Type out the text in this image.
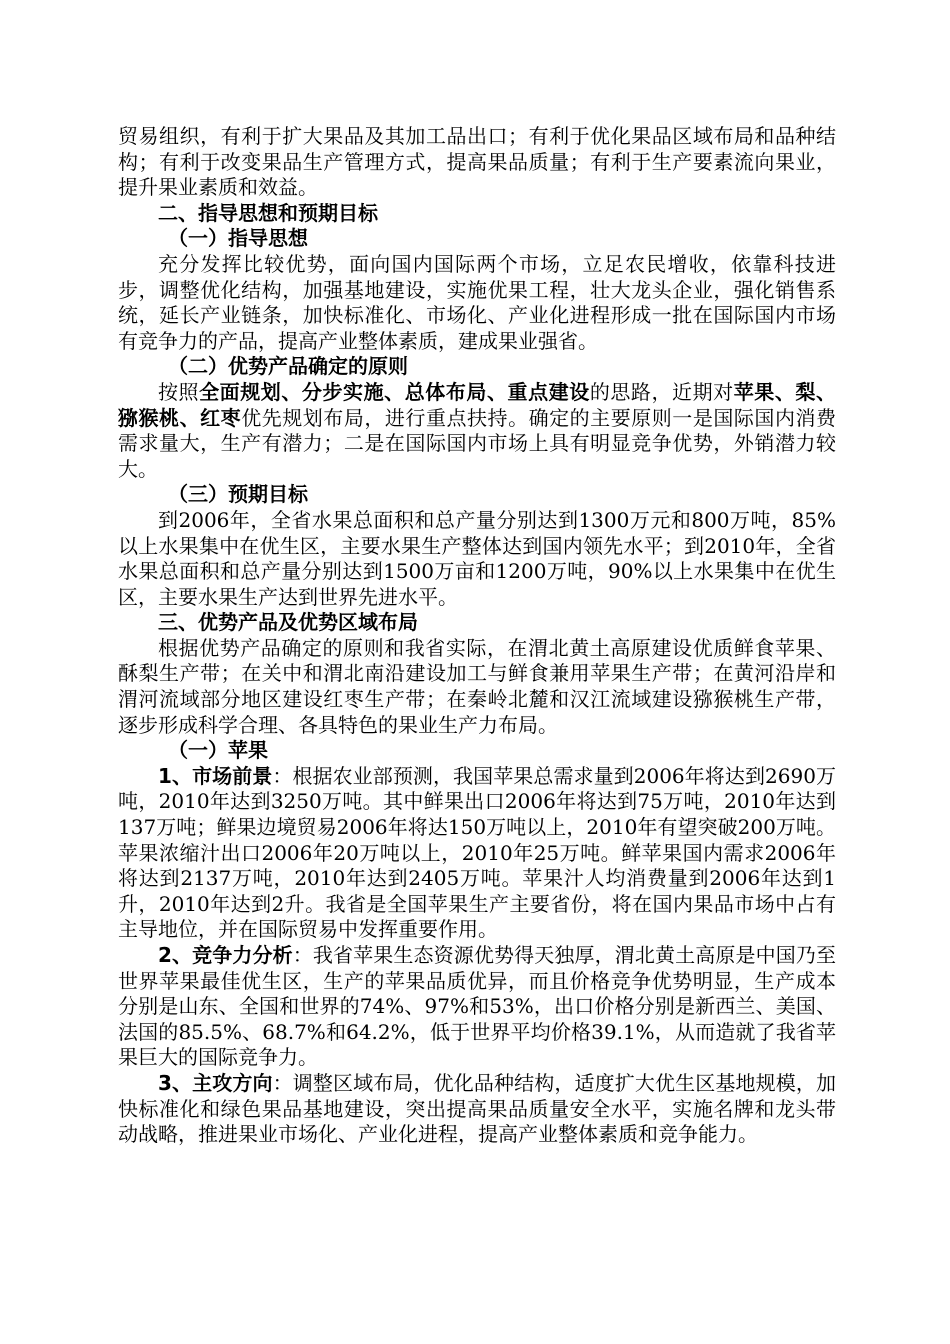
贸易组织，有利于扩大果品及其加工品出口；有利于优化果品区域布局和品种结构；有利于改变果品生产管理方式，提高果品质量；有利于生产要素流向果业，提升果业素质和效益。

二、指导思想和预期目标

（一）指导思想

充分发挥比较优势，面向国内国际两个市场，立足农民增收，依靠科技进步，调整优化结构，加强基地建设，实施优果工程，壮大龙头企业，强化销售系统，延长产业链条，加快标准化、市场化、产业化进程形成一批在国际国内市场有竞争力的产品，提高产业整体素质，建成果业强省。

（二）优势产品确定的原则

按照全面规划、分步实施、总体布局、重点建设的思路，近期对苹果、梨、猕猴桃、红枣优先规划布局，进行重点扶持。确定的主要原则一是国际国内消费需求量大，生产有潜力；二是在国际国内市场上具有明显竞争优势，外销潜力较大。

（三）预期目标

到2006年，全省水果总面积和总产量分别达到1300万元和800万吨，85%以上水果集中在优生区，主要水果生产整体达到国内领先水平；到2010年，全省水果总面积和总产量分别达到1500万亩和1200万吨，90%以上水果集中在优生区，主要水果生产达到世界先进水平。

三、优势产品及优势区域布局

根据优势产品确定的原则和我省实际，在渭北黄土高原建设优质鲜食苹果、酥梨生产带；在关中和渭北南沿建设加工与鲜食兼用苹果生产带；在黄河沿岸和渭河流域部分地区建设红枣生产带；在秦岭北麓和汉江流域建设猕猴桃生产带，逐步形成科学合理、各具特色的果业生产力布局。

（一）苹果

1、市场前景：根据农业部预测，我国苹果总需求量到2006年将达到2690万吨，2010年达到3250万吨。其中鲜果出口2006年将达到75万吨，2010年达到137万吨；鲜果边境贸易2006年将达150万吨以上，2010年有望突破200万吨。苹果浓缩汁出口2006年20万吨以上，2010年25万吨。鲜苹果国内需求2006年将达到2137万吨，2010年达到2405万吨。苹果汁人均消费量到2006年达到1升，2010年达到2升。我省是全国苹果生产主要省份，将在国内果品市场中占有主导地位，并在国际贸易中发挥重要作用。

2、竞争力分析：我省苹果生态资源优势得天独厚，渭北黄土高原是中国乃至世界苹果最佳优生区，生产的苹果品质优异，而且价格竞争优势明显，生产成本分别是山东、全国和世界的74%、97%和53%，出口价格分别是新西兰、美国、法国的85.5%、68.7%和64.2%，低于世界平均价格39.1%，从而造就了我省苹果巨大的国际竞争力。

3、主攻方向：调整区域布局，优化品种结构，适度扩大优生区基地规模，加快标准化和绿色果品基地建设，突出提高果品质量安全水平，实施名牌和龙头带动战略，推进果业市场化、产业化进程，提高产业整体素质和竞争能力。
